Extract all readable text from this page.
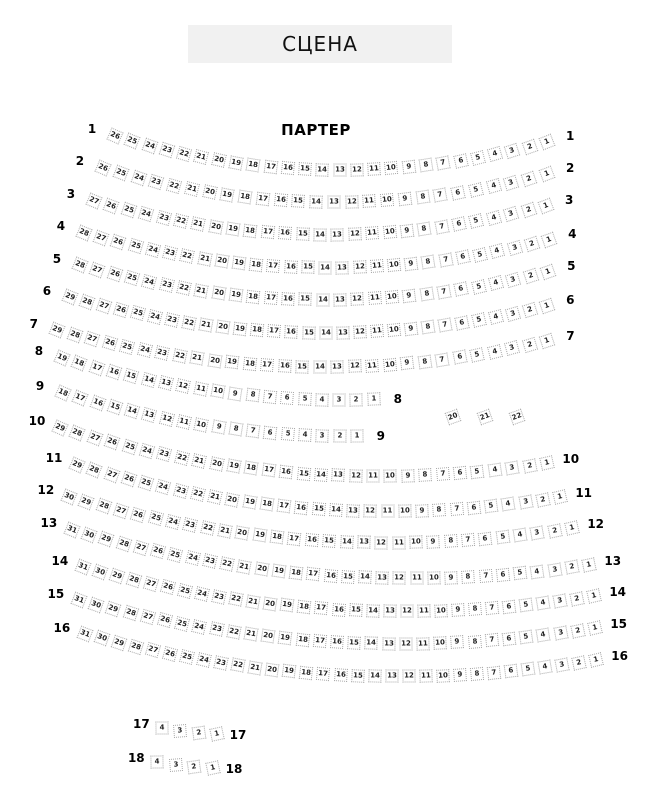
СЦЕНА
ПАРТЕР
26 25 24 23 22 21 20 19 18 17 16 15 14 13 12 11 10	9	8	7	6	5	4	3	2	1
1	1
26 25 24 23 22 21 20 19 18 17 16 15 14 13 12 11 10	9	8	7	6	5	4	3	2	1
2	2
27 26 25 24 23 22 21 20 19 18 17 16 15 14 13 12 11 10	9	8	7	6	5	4	3	2	1
3	3
28 27 26 25 24 23 22 21 20 19 18 17 16 15 14 13 12 11 10	9	8	7	6	5	4	3	2	1
4
4
28 27 26 25 24 23 22 21 20 19 18 17 16 15 14 13 12 11 10	9	8	7	6	5	4	3	2	1
5
5
29 28 27 26 25 24 23 22 21 20 19 18 17 16 15 14 13 12 11 10	9	8	7	6	5	4	3	2	1
6
6
29 28 27 26 25 24 23 22 21 20 19 18 17 16 15 14 13 12 11 10	9	8	7	6	5	4	3	2	1
7
7
19 18 17 16 15 14 13 12 11 10	9	8	7	6	5	4	3	2	1
8
8
18 17 16 15 14 13 12 11 10	9	8	7	6	5	4	3	2	1
9
9
29 28 27 26 25 24 23 22 21 20 19 18 17 16 15 14 13 12 11 10	9	8	7	6	5	4	3	2	1
10
10
29 28 27 26 25 24 23 22 21 20 19 18 17 16 15 14 13 12 11 10	9	8	7	6	5	4	3	2	1
11
11
30 29 28 27 26 25 24 23 22 21 20 19 18 17 16 15 14 13 12 11 10	9	8	7	6	5	4	3	2	1
12
12
31 30 29 28 27 26 25 24 23 22 21 20 19 18 17 16 15 14 13 12 11 10	9	8	7	6	5	4	3	2	1
13
13
31 30 29 28 27 26 25 24 23 22 21 20 19 18 17 16 15 14 13 12 11 10	9	8	7	6	5	4	3	2	1
14
14
31 30 29 28 27 26 25 24 23 22 21 20 19 18 17 16 15 14 13 12 11 10	9	8	7	6	5	4	3	2	1
15
15
31 30 29 28 27 26 25 24 23 22 21 20 19 18 17 16 15 14 13 12 11 10	9	8	7	6	5	4	3	2	1
16
16
4	3	2	1
17
17
4	3	2	1
18
18
20	21	22
